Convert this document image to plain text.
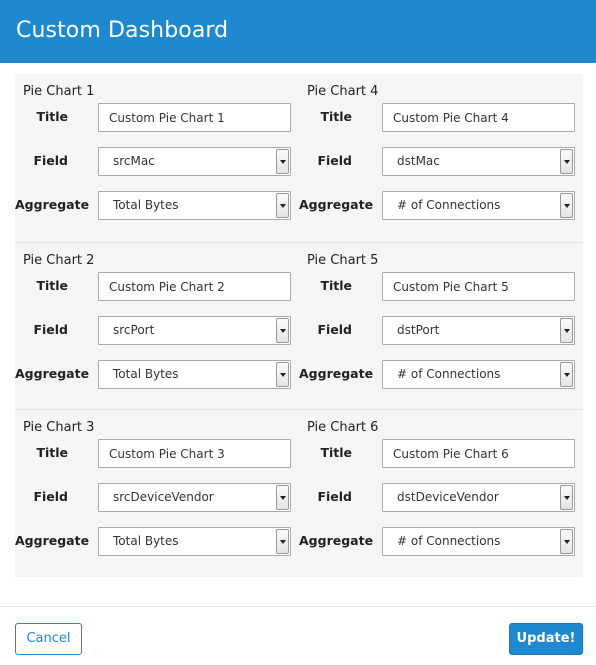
Custom Dashboard
Pie Chart 1
Title
Custom Pie Chart 1
Field	srcMac
Aggregate Total Bytes
Pie Chart 4
Title
Custom Pie Chart 4
Field	dstMac
Aggregate # of Connections
Pie Chart 2
Title
Custom Pie Chart 2
Field	srcPort
Aggregate Total Bytes
Pie Chart 5
Title
Custom Pie Chart 5
Field	dstPort
Aggregate # of Connections
Pie Chart 3
Title
Custom Pie Chart 3
Field	srcDeviceVendor
Aggregate Total Bytes
Pie Chart 6
Title
Custom Pie Chart 6
Field	dstDeviceVendor
Aggregate # of Connections
Cancel	Update!
